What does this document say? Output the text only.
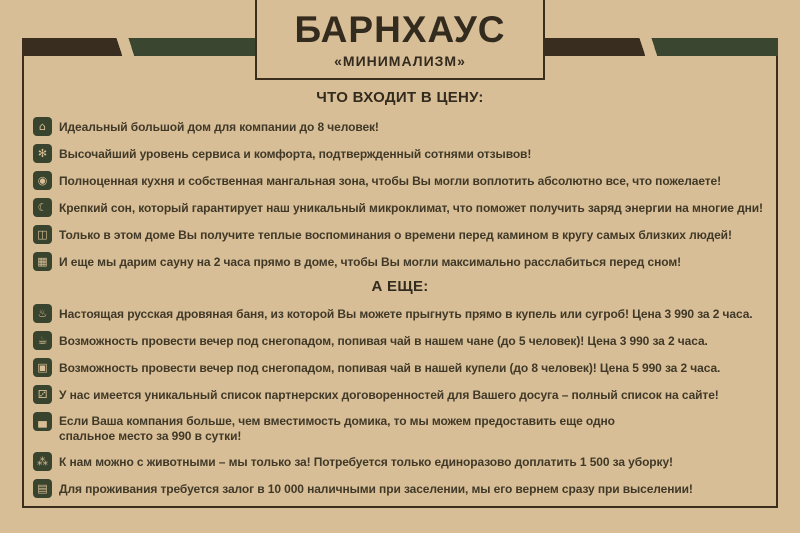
БАРНХАУС
«МИНИМАЛИЗМ»
ЧТО ВХОДИТ В ЦЕНУ:
⌂	Идеальный большой дом для компании до 8 человек!
✻ Высочайший уровень сервиса и комфорта, подтвержденный сотнями отзывов!
◉ Полноценная кухня и собственная мангальная зона, чтобы Вы могли воплотить абсолютно все, что пожелаете!
☾ Крепкий сон, который гарантирует наш уникальный микроклимат, что поможет получить заряд энергии на многие дни!
◫ Только в этом доме Вы получите теплые воспоминания о времени перед камином в кругу самых близких людей!
▦ И еще мы дарим сауну на 2 часа прямо в доме, чтобы Вы могли максимально расслабиться перед сном!
А ЕЩЕ:
♨ Настоящая русская дровяная баня, из которой Вы можете прыгнуть прямо в купель или сугроб! Цена 3 990 за 2 часа.
☕ Возможность провести вечер под снегопадом, попивая чай в нашем чане (до 5 человек)! Цена 3 990 за 2 часа.
▣ Возможность провести вечер под снегопадом, попивая чай в нашей купели (до 8 человек)! Цена 5 990 за 2 часа.
⚂ У нас имеется уникальный список партнерских договоренностей для Вашего досуга – полный список на сайте!
▄	Если Ваша компания больше, чем вместимость домика, то мы можем предоставить еще одно спальное место за 990 в сутки!
⁂ К нам можно с животными – мы только за! Потребуется только единоразово доплатить 1 500 за уборку!
▤ Для проживания требуется залог в 10 000 наличными при заселении, мы его вернем сразу при выселении!
